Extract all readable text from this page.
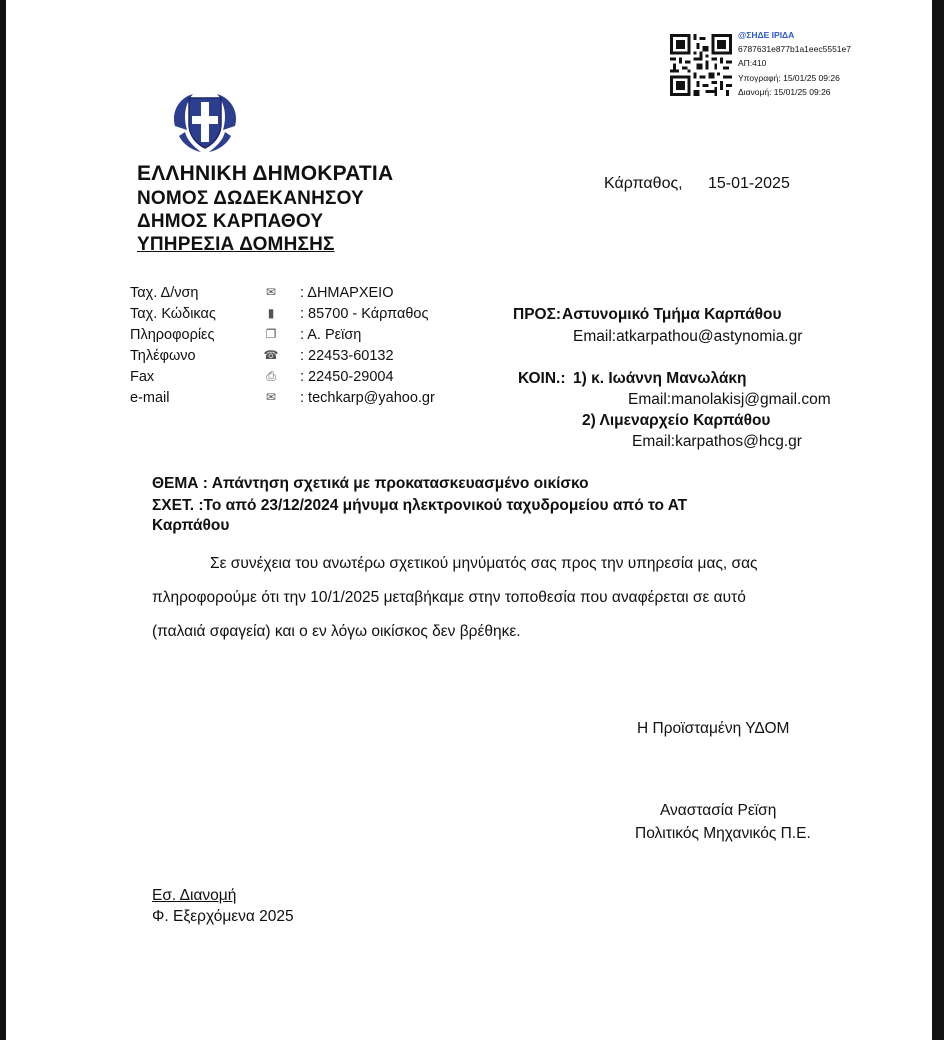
@ΣΗΔΕ ΙΡΙΔΑ
6787631e877b1a1eec5551e7
ΑΠ:410
Υπογραφή: 15/01/25 09:26
Διανομή: 15/01/25 09:26
ΕΛΛΗΝΙΚΗ ΔΗΜΟΚΡΑΤΙΑ
ΝΟΜΟΣ ΔΩΔΕΚΑΝΗΣΟΥ
ΔΗΜΟΣ ΚΑΡΠΑΘΟΥ
ΥΠΗΡΕΣΙΑ ΔΟΜΗΣΗΣ
Κάρπαθος, 15-01-2025
Ταχ. Δ/νση	✉ : ΔΗΜΑΡΧΕΙΟ
Ταχ. Κώδικας	▮	: 85700 - Κάρπαθος
Πληροφορίες	❐ : Α. Ρεϊση
Τηλέφωνο	☎ : 22453-60132
Fax	⎙ : 22450-29004
e-mail	✉ : techkarp@yahoo.gr
ΠΡΟΣ: Αστυνομικό Τμήμα Καρπάθου
Email:atkarpathou@astynomia.gr
ΚΟΙΝ.: 1) κ. Ιωάννη Μανωλάκη
Email:manolakisj@gmail.com
2) Λιμεναρχείο Καρπάθου
Email:karpathos@hcg.gr
ΘΕΜΑ : Απάντηση σχετικά με προκατασκευασμένο οικίσκο
ΣΧΕΤ. :Το από 23/12/2024 μήνυμα ηλεκτρονικού ταχυδρομείου από το ΑΤ
Καρπάθου
Σε συνέχεια του ανωτέρω σχετικού μηνύματός σας προς την υπηρεσία μας, σας
πληροφορούμε ότι την 10/1/2025 μεταβήκαμε στην τοποθεσία που αναφέρεται σε αυτό
(παλαιά σφαγεία) και ο εν λόγω οικίσκος δεν βρέθηκε.
Η Προϊσταμένη ΥΔΟΜ
Αναστασία Ρεϊση
Πολιτικός Μηχανικός Π.Ε.
Εσ. Διανομή
Φ. Εξερχόμενα 2025
